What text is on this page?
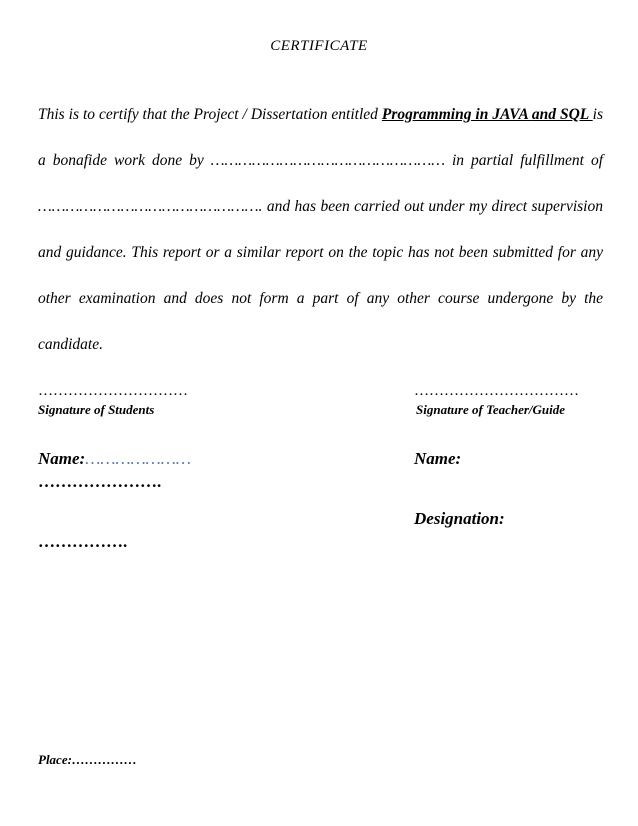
CERTIFICATE
This is to certify that the Project / Dissertation entitled Programming in JAVA and SQL is a bonafide work done by …………………………………………… in partial fulfillment of …………………………………………. and has been carried out under my direct supervision and guidance. This report or a similar report on the topic has not been submitted for any other examination and does not form a part of any other course undergone by the candidate.
…………………………
Signature of Students
……………………………
Signature of Teacher/Guide
Name:…………………
………………….
Name:
Designation:
…………….
Place:……………
